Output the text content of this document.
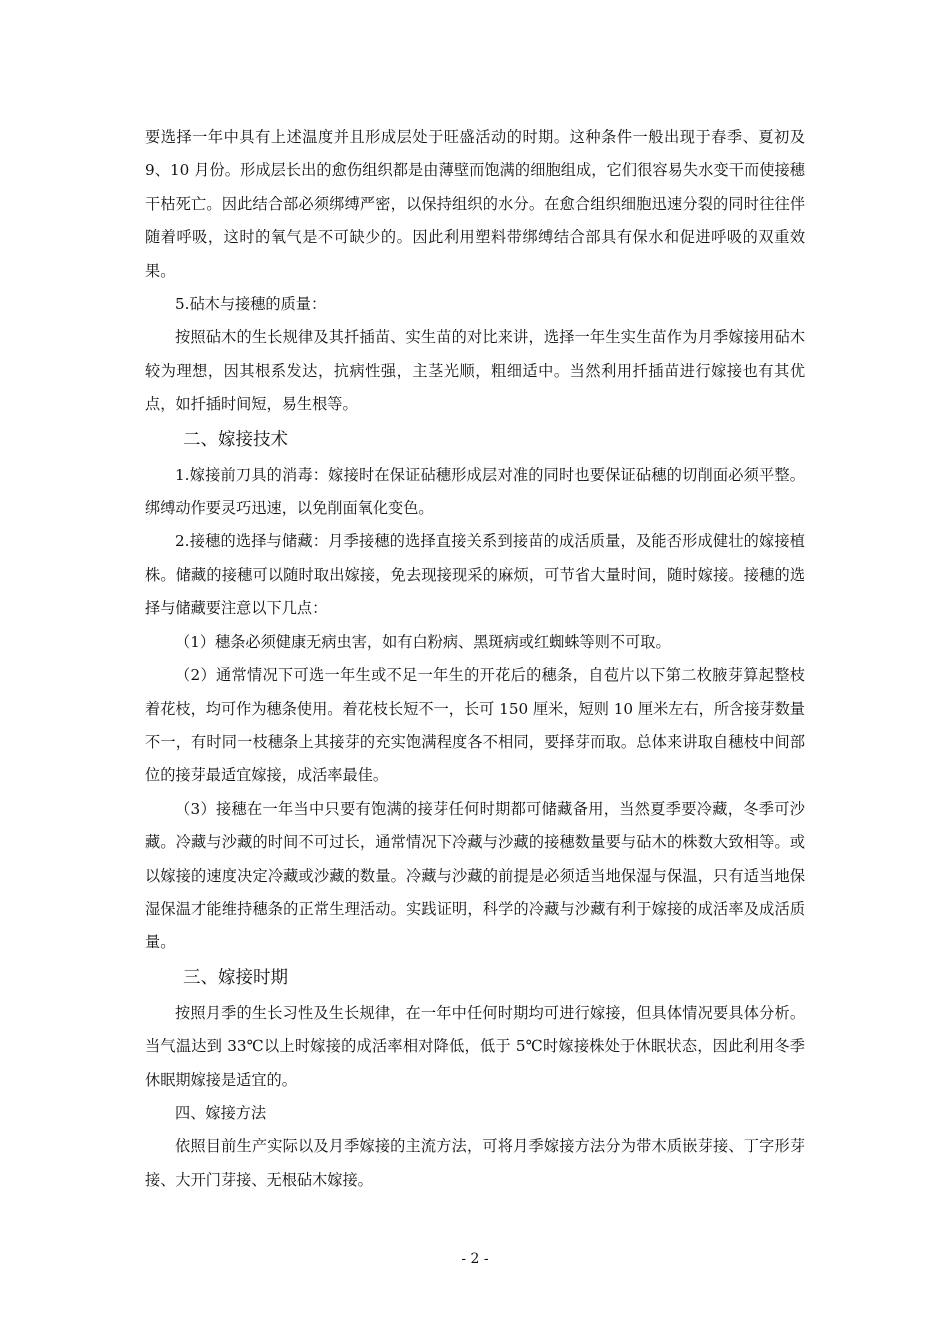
要选择一年中具有上述温度并且形成层处于旺盛活动的时期。这种条件一般出现于春季、夏初及 9、10 月份。形成层长出的愈伤组织都是由薄壁而饱满的细胞组成，它们很容易失水变干而使接穗干枯死亡。因此结合部必须绑缚严密，以保持组织的水分。在愈合组织细胞迅速分裂的同时往往伴随着呼吸，这时的氧气是不可缺少的。因此利用塑料带绑缚结合部具有保水和促进呼吸的双重效果。

5.砧木与接穗的质量：

按照砧木的生长规律及其扦插苗、实生苗的对比来讲，选择一年生实生苗作为月季嫁接用砧木较为理想，因其根系发达，抗病性强，主茎光顺，粗细适中。当然利用扦插苗进行嫁接也有其优点，如扦插时间短，易生根等。

二、嫁接技术

1.嫁接前刀具的消毒：嫁接时在保证砧穗形成层对准的同时也要保证砧穗的切削面必须平整。绑缚动作要灵巧迅速，以免削面氧化变色。

2.接穗的选择与储藏：月季接穗的选择直接关系到接苗的成活质量，及能否形成健壮的嫁接植株。储藏的接穗可以随时取出嫁接，免去现接现采的麻烦，可节省大量时间，随时嫁接。接穗的选择与储藏要注意以下几点：

（1）穗条必须健康无病虫害，如有白粉病、黑斑病或红蜘蛛等则不可取。

（2）通常情况下可选一年生或不足一年生的开花后的穗条，自苞片以下第二枚腋芽算起整枝着花枝，均可作为穗条使用。着花枝长短不一，长可 150 厘米，短则 10 厘米左右，所含接芽数量不一，有时同一枝穗条上其接芽的充实饱满程度各不相同，要择芽而取。总体来讲取自穗枝中间部位的接芽最适宜嫁接，成活率最佳。

（3）接穗在一年当中只要有饱满的接芽任何时期都可储藏备用，当然夏季要冷藏，冬季可沙藏。冷藏与沙藏的时间不可过长，通常情况下冷藏与沙藏的接穗数量要与砧木的株数大致相等。或以嫁接的速度决定冷藏或沙藏的数量。冷藏与沙藏的前提是必须适当地保湿与保温，只有适当地保湿保温才能维持穗条的正常生理活动。实践证明，科学的冷藏与沙藏有利于嫁接的成活率及成活质量。

三、嫁接时期

按照月季的生长习性及生长规律，在一年中任何时期均可进行嫁接，但具体情况要具体分析。当气温达到 33℃以上时嫁接的成活率相对降低，低于 5℃时嫁接株处于休眠状态，因此利用冬季休眠期嫁接是适宜的。

四、嫁接方法

依照目前生产实际以及月季嫁接的主流方法，可将月季嫁接方法分为带木质嵌芽接、丁字形芽接、大开门芽接、无根砧木嫁接。

- 2 -
